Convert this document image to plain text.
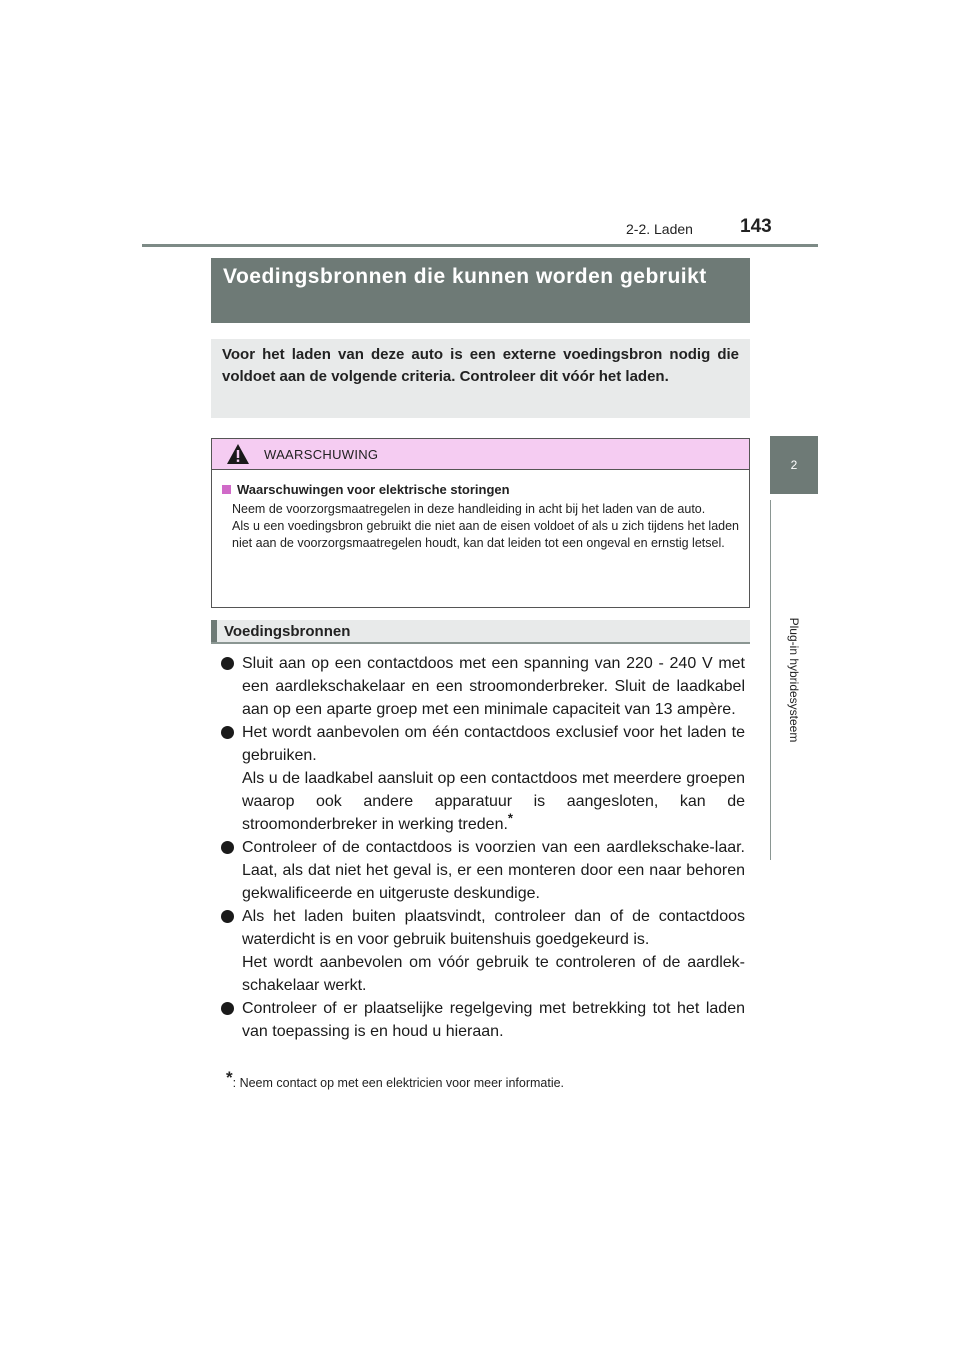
2-2. Laden 143
2
Plug-in hybridesysteem
Voedingsbronnen die kunnen worden gebruikt
Voor het laden van deze auto is een externe voedingsbron nodig die voldoet aan de volgende criteria. Controleer dit vóór het laden.
WAARSCHUWING
Waarschuwingen voor elektrische storingen
Neem de voorzorgsmaatregelen in deze handleiding in acht bij het laden van de auto.
Als u een voedingsbron gebruikt die niet aan de eisen voldoet of als u zich tijdens het laden niet aan de voorzorgsmaatregelen houdt, kan dat leiden tot een ongeval en ernstig letsel.
Voedingsbronnen

Sluit aan op een contactdoos met een spanning van 220 - 240 V met een aardlekschakelaar en een stroomonderbreker. Sluit de laadkabel aan op een aparte groep met een minimale capaciteit van 13 ampère.

Het wordt aanbevolen om één contactdoos exclusief voor het laden te gebruiken.

Als u de laadkabel aansluit op een contactdoos met meerdere groepen waarop ook andere apparatuur is aangesloten, kan de stroomonderbreker in werking treden.*

Controleer of de contactdoos is voorzien van een aardlekschake-laar. Laat, als dat niet het geval is, er een monteren door een naar behoren gekwalificeerde en uitgeruste deskundige.

Als het laden buiten plaatsvindt, controleer dan of de contactdoos waterdicht is en voor gebruik buitenshuis goedgekeurd is.

Het wordt aanbevolen om vóór gebruik te controleren of de aardlek-schakelaar werkt.

Controleer of er plaatselijke regelgeving met betrekking tot het laden van toepassing is en houd u hieraan.

*: Neem contact op met een elektricien voor meer informatie.
